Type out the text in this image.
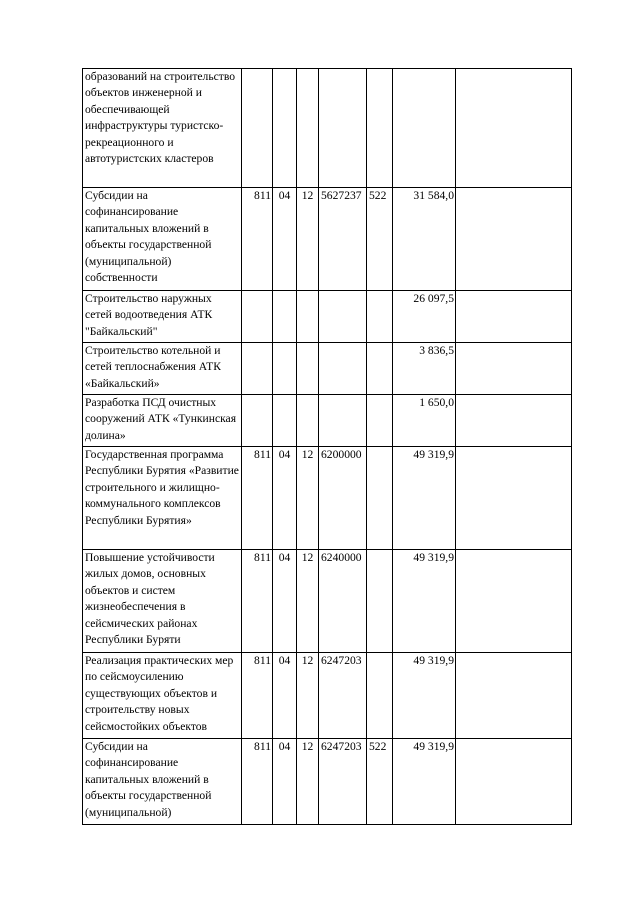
образований на строительство объектов инженерной и обеспечивающей инфраструктуры туристско-рекреационного и автотуристских кластеров							
Субсидии на софинансирование капитальных вложений в объекты государственной (муниципальной) собственности	811	04	12	5627237	522	31 584,0	
Строительство наружных сетей водоотведения АТК "Байкальский"						26 097,5	
Строительство котельной и сетей теплоснабжения АТК «Байкальский»						3 836,5	
Разработка ПСД очистных сооружений АТК «Тункинская долина»						1 650,0	
Государственная программа Республики Бурятия «Развитие строительного и жилищно-коммунального комплексов Республики Бурятия»	811	04	12	6200000		49 319,9	
Повышение устойчивости жилых домов, основных объектов и систем жизнеобеспечения в сейсмических районах Республики Буряти	811	04	12	6240000		49 319,9	
Реализация практических мер по сейсмоусилению существующих объектов и строительству новых сейсмостойких объектов	811	04	12	6247203		49 319,9	
Субсидии на софинансирование капитальных вложений в объекты государственной (муниципальной)	811	04	12	6247203	522	49 319,9	
